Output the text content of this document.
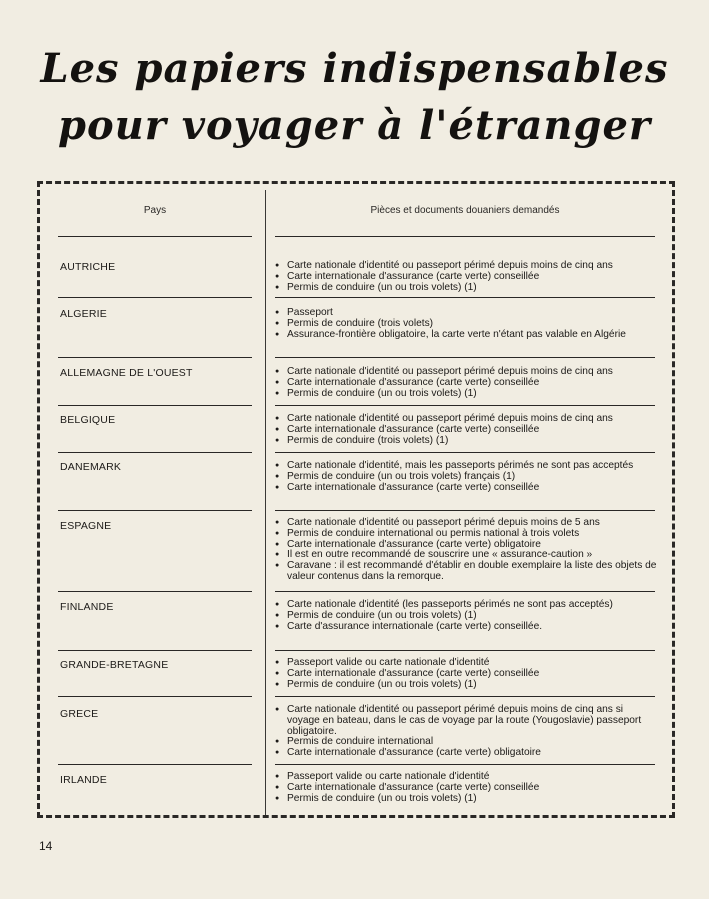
Les papiers indispensables
pour voyager à l'étranger
Pays	Pièces et documents douaniers demandés
AUTRICHE	● Carte nationale d'identité ou passeport périmé depuis moins de cinq ans
● Carte internationale d'assurance (carte verte) conseillée
● Permis de conduire (un ou trois volets) (1)
ALGERIE	● Passeport
● Permis de conduire (trois volets)
● Assurance-frontière obligatoire, la carte verte n'étant pas valable en Algérie
ALLEMAGNE DE L'OUEST	● Carte nationale d'identité ou passeport périmé depuis moins de cinq ans
● Carte internationale d'assurance (carte verte) conseillée
● Permis de conduire (un ou trois volets) (1)
BELGIQUE	● Carte nationale d'identité ou passeport périmé depuis moins de cinq ans
● Carte internationale d'assurance (carte verte) conseillée
● Permis de conduire (trois volets) (1)
DANEMARK	● Carte nationale d'identité, mais les passeports périmés ne sont pas acceptés
● Permis de conduire (un ou trois volets) français (1)
● Carte internationale d'assurance (carte verte) conseillée
ESPAGNE	● Carte nationale d'identité ou passeport périmé depuis moins de 5 ans
● Permis de conduire international ou permis national à trois volets
● Carte internationale d'assurance (carte verte) obligatoire
● Il est en outre recommandé de souscrire une « assurance-caution »
● Caravane : il est recommandé d'établir en double exemplaire la liste des objets de valeur contenus dans la remorque.
FINLANDE	● Carte nationale d'identité (les passeports périmés ne sont pas acceptés)
● Permis de conduire (un ou trois volets) (1)
● Carte d'assurance internationale (carte verte) conseillée.
GRANDE-BRETAGNE	● Passeport valide ou carte nationale d'identité
● Carte internationale d'assurance (carte verte) conseillée
● Permis de conduire (un ou trois volets) (1)
GRECE	● Carte nationale d'identité ou passeport périmé depuis moins de cinq ans si voyage en bateau, dans le cas de voyage par la route (Yougoslavie) passeport obligatoire.
● Permis de conduire international
● Carte internationale d'assurance (carte verte) obligatoire
IRLANDE	● Passeport valide ou carte nationale d'identité
● Carte internationale d'assurance (carte verte) conseillée
● Permis de conduire (un ou trois volets) (1)
14
